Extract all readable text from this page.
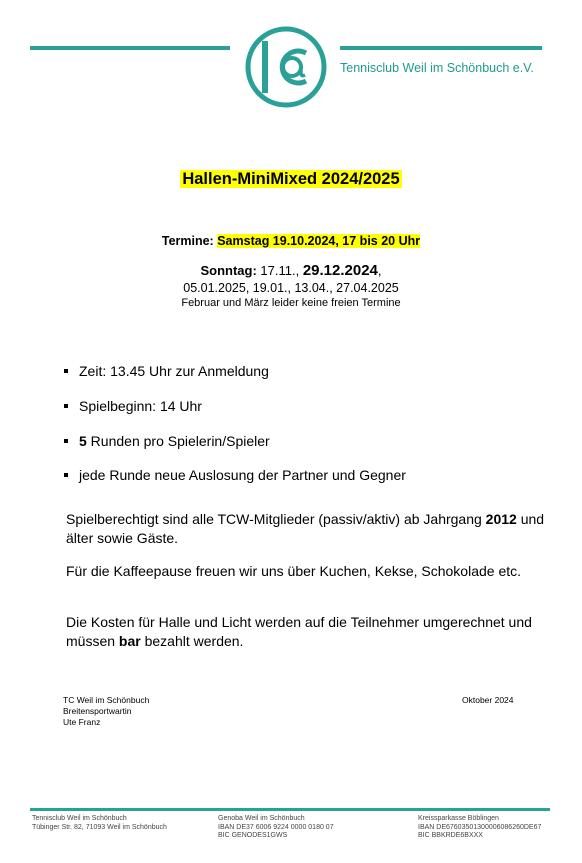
Tennisclub Weil im Schönbuch e.V.
Hallen-MiniMixed 2024/2025
Termine: Samstag 19.10.2024, 17 bis 20 Uhr
Sonntag: 17.11., 29.12.2024,
05.01.2025, 19.01., 13.04., 27.04.2025
Februar und März leider keine freien Termine
Zeit: 13.45 Uhr zur Anmeldung
Spielbeginn: 14 Uhr
5 Runden pro Spielerin/Spieler
jede Runde neue Auslosung der Partner und Gegner
Spielberechtigt sind alle TCW-Mitglieder (passiv/aktiv) ab Jahrgang 2012 und älter sowie Gäste.
Für die Kaffeepause freuen wir uns über Kuchen, Kekse, Schokolade etc.
Die Kosten für Halle und Licht werden auf die Teilnehmer umgerechnet und müssen bar bezahlt werden.
TC Weil im Schönbuch
Breitensportwartin
Ute Franz
Oktober 2024
Tennisclub Weil im Schönbuch
Tübinger Str. 82, 71093 Weil im Schönbuch
Genoba Weil im Schönbuch
IBAN DE37 6006 9224 0000 0180 07
BIC GENODES1GWS
Kreissparkasse Böblingen
IBAN DE67603501300006086260DE67
BIC BBKRDE6BXXX
